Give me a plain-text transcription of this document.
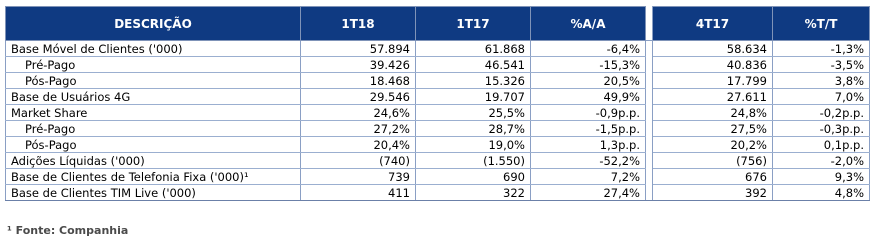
DESCRIÇÃO	1T18	1T17	%A/A		4T17	%T/T
Base Móvel de Clientes ('000)	57.894	61.868	-6,4%		58.634	-1,3%
Pré-Pago	39.426	46.541	-15,3%		40.836	-3,5%
Pós-Pago	18.468	15.326	20,5%		17.799	3,8%
Base de Usuários 4G	29.546	19.707	49,9%		27.611	7,0%
Market Share	24,6%	25,5%	-0,9p.p.		24,8%	-0,2p.p.
Pré-Pago	27,2%	28,7%	-1,5p.p.		27,5%	-0,3p.p.
Pós-Pago	20,4%	19,0%	1,3p.p.		20,2%	0,1p.p.
Adições Líquidas ('000)	(740)	(1.550)	-52,2%		(756)	-2,0%
Base de Clientes de Telefonia Fixa ('000)¹	739	690	7,2%		676	9,3%
Base de Clientes TIM Live ('000)	411	322	27,4%		392	4,8%
¹ Fonte: Companhia
